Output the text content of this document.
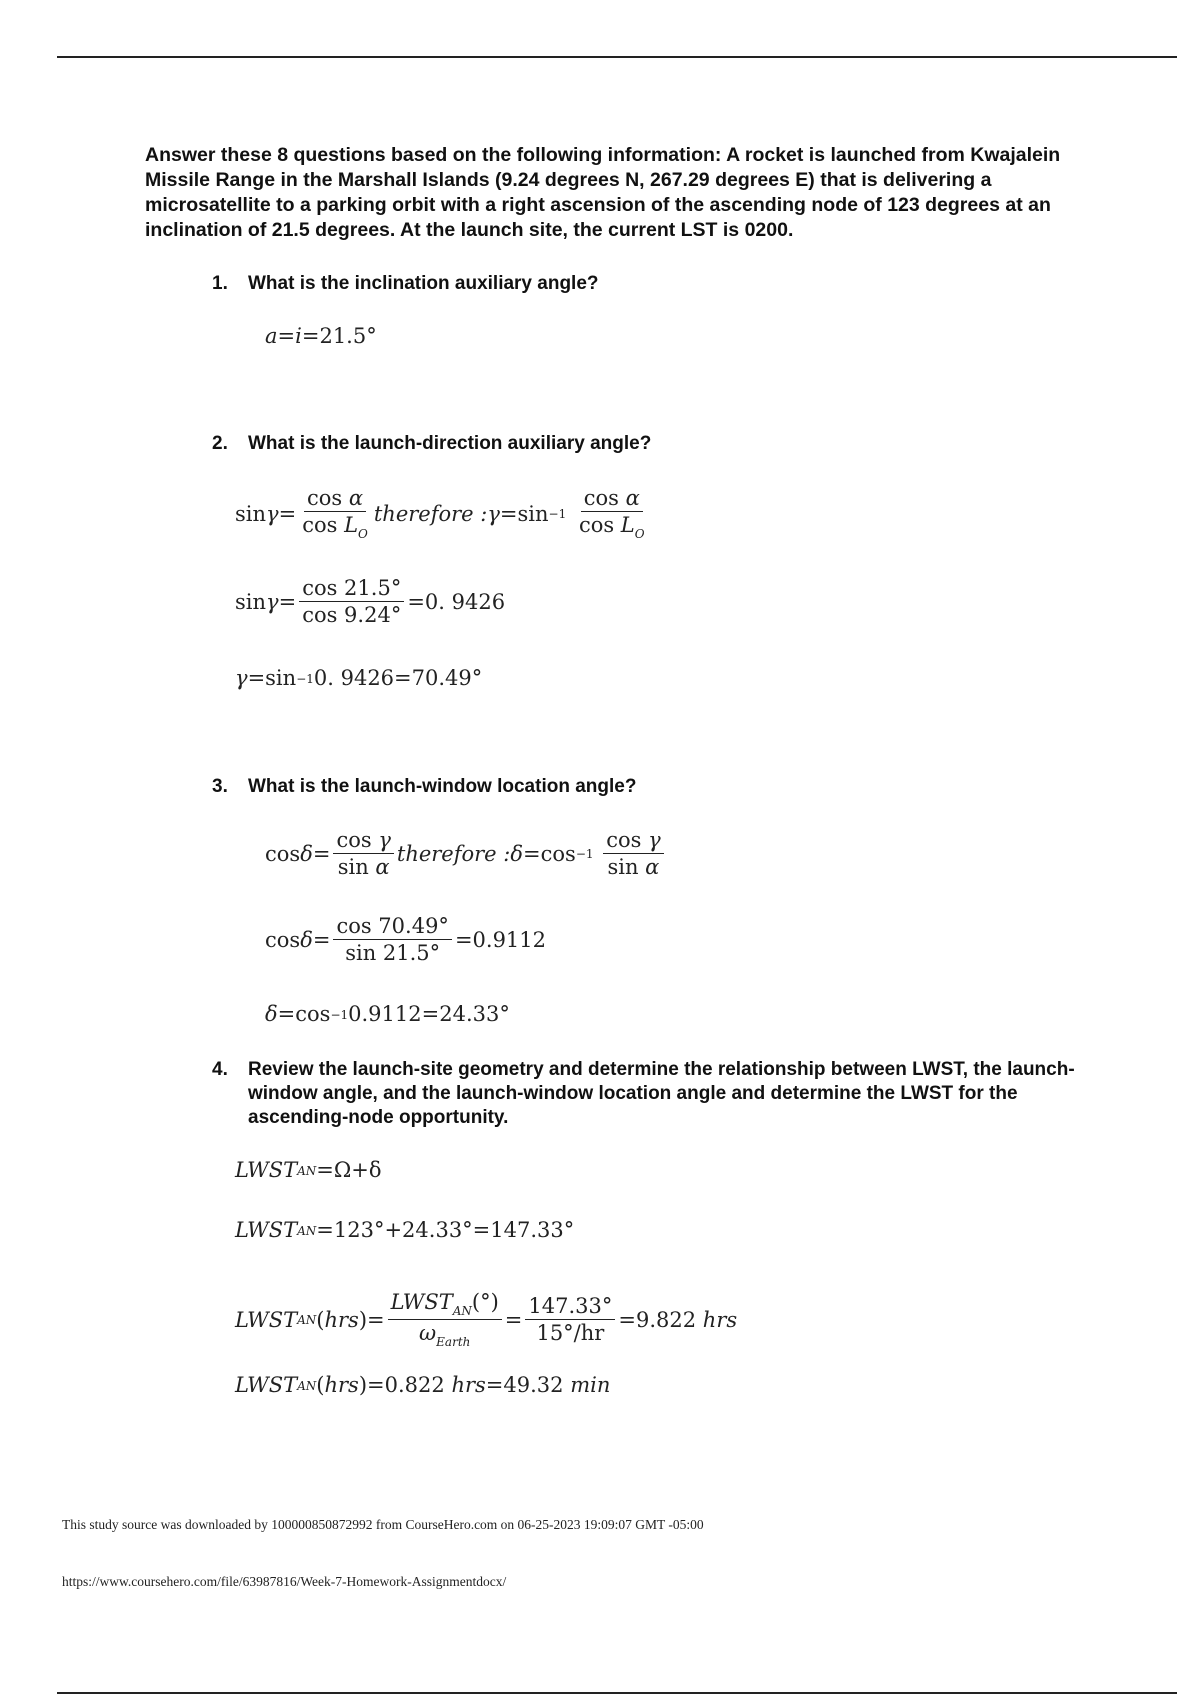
Answer these 8 questions based on the following information: A rocket is launched from Kwajalein Missile Range in the Marshall Islands (9.24 degrees N, 267.29 degrees E) that is delivering a microsatellite to a parking orbit with a right ascension of the ascending node of 123 degrees at an inclination of 21.5 degrees. At the launch site, the current LST is 0200.

1.	What is the inclination auxiliary angle?
a = i =21.5°
2.	What is the launch-direction auxiliary angle?
$\sin \gamma = \frac{\text{cos α}}{\cos L_O}$ therefore : γ =sin −1
$\frac{\text{cos α}}{\cos L_O}$
$\sin \gamma = \frac{\cos 21.5^\circ}{\cos 9.24^\circ} =0$. 9426
γ =sin −1 0. 9426=70.49°
3.	What is the launch-window location angle?
$\cos \delta = \frac{\text{cos γ}}{\text{sin α}}$ therefore : δ =cos −1
$\frac{\text{cos γ}}{\text{sin α}}$
$\cos \delta = \frac{\cos 70.49^\circ}{\sin 21.5^\circ} =0.9112$
δ =cos −1 0.9112=24.33°
4.	Review the launch-site geometry and determine the relationship between LWST, the launch-window angle, and the launch-window location angle and determine the LWST for the ascending-node opportunity.
LWST AN =Ω+δ
LWST AN =123°+24.33°=147.33°
LWST AN ( hrs )= $\frac{LWST_{AN}(^\circ)}{\omega_{Earth}} = \frac{147.33^\circ}{15^\circ/hr} =9.822$
hrs
LWST AN ( hrs ) =0.822
hrs =49.32
min
This study source was downloaded by 100000850872992 from CourseHero.com on 06-25-2023 19:09:07 GMT -05:00
https://www.coursehero.com/file/63987816/Week-7-Homework-Assignmentdocx/
